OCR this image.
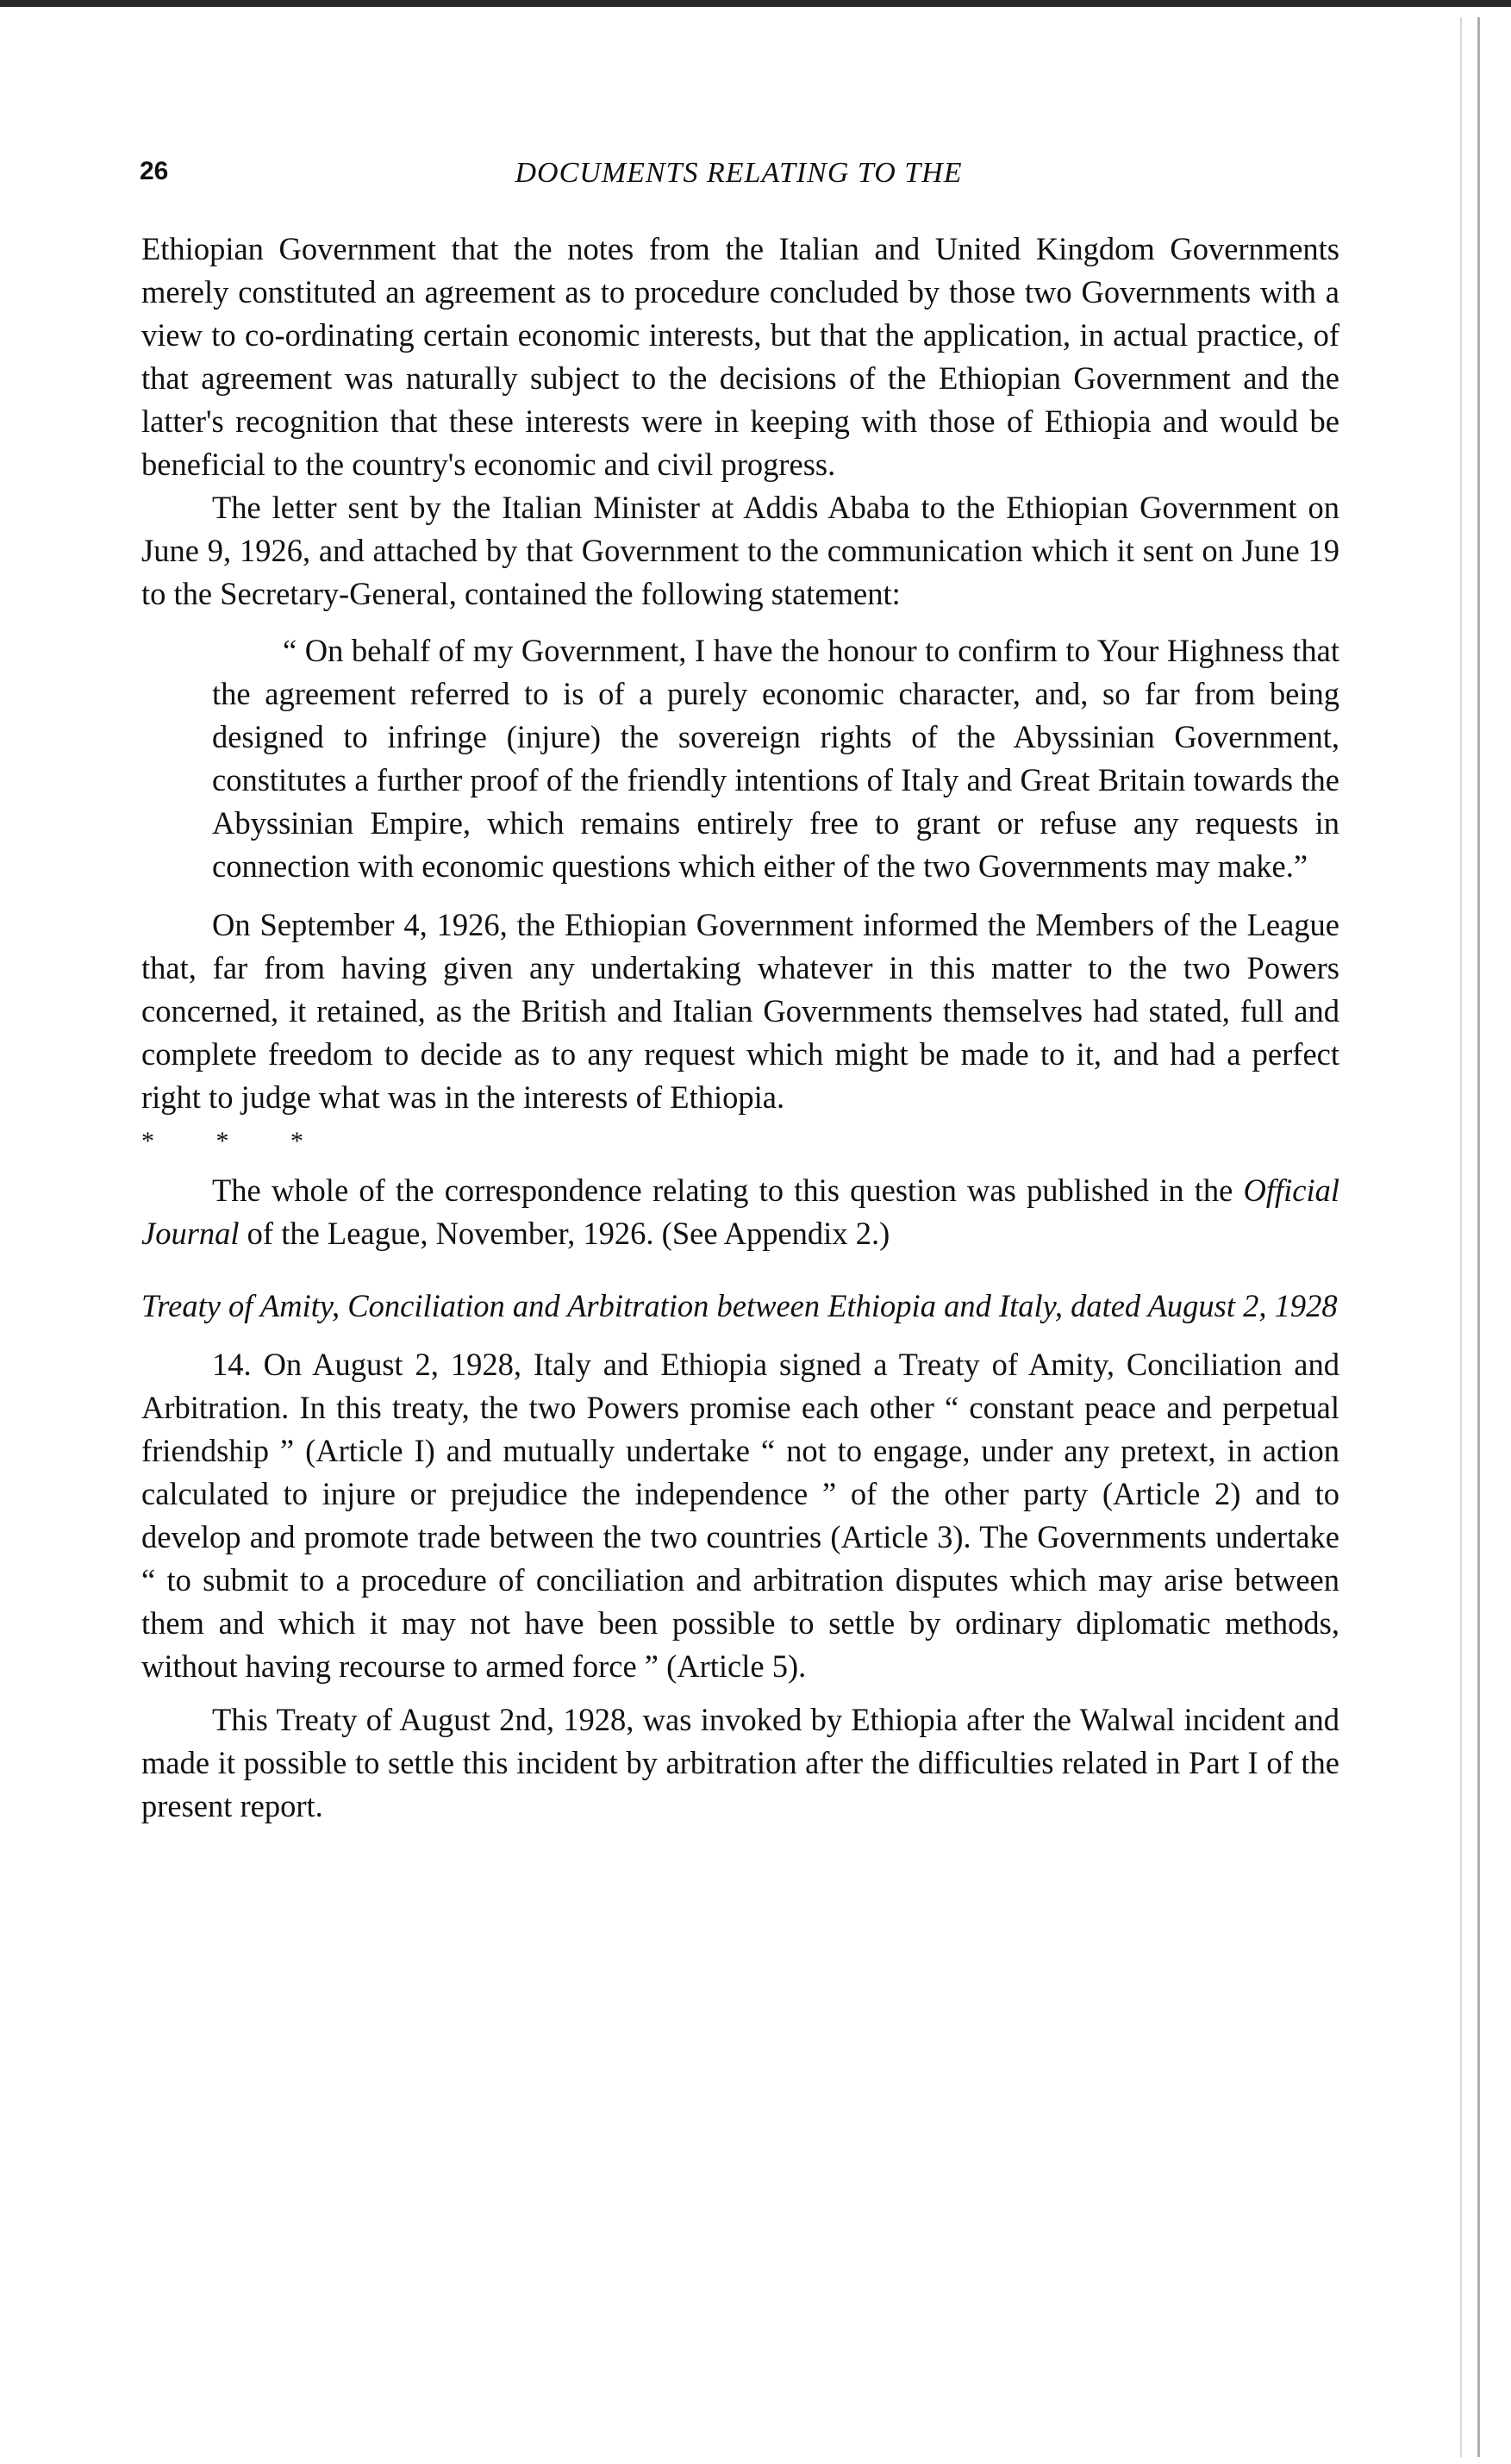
26	DOCUMENTS RELATING TO THE

Ethiopian Government that the notes from the Italian and United Kingdom Governments merely constituted an agreement as to procedure concluded by those two Governments with a view to co-ordinating certain economic interests, but that the application, in actual practice, of that agreement was naturally subject to the decisions of the Ethiopian Government and the latter's recognition that these interests were in keeping with those of Ethiopia and would be beneficial to the country's economic and civil progress.

The letter sent by the Italian Minister at Addis Ababa to the Ethiopian Government on June 9, 1926, and attached by that Government to the communication which it sent on June 19 to the Secretary-General, contained the following statement:

“ On behalf of my Government, I have the honour to confirm to Your Highness that the agreement referred to is of a purely economic character, and, so far from being designed to infringe (injure) the sovereign rights of the Abyssinian Government, constitutes a further proof of the friendly intentions of Italy and Great Britain towards the Abyssinian Empire, which remains entirely free to grant or refuse any requests in connection with economic questions which either of the two Governments may make.”

On September 4, 1926, the Ethiopian Government informed the Members of the League that, far from having given any undertaking whatever in this matter to the two Powers concerned, it retained, as the British and Italian Governments themselves had stated, full and complete freedom to decide as to any request which might be made to it, and had a perfect right to judge what was in the interests of Ethiopia.

* * *

The whole of the correspondence relating to this question was published in the Official Journal of the League, November, 1926. (See Appendix 2.)

Treaty of Amity, Conciliation and Arbitration between Ethiopia and Italy, dated August 2, 1928

14. On August 2, 1928, Italy and Ethiopia signed a Treaty of Amity, Conciliation and Arbitration. In this treaty, the two Powers promise each other “ constant peace and perpetual friendship ” (Article I) and mutually undertake “ not to engage, under any pretext, in action calculated to injure or prejudice the independence ” of the other party (Article 2) and to develop and promote trade between the two countries (Article 3). The Governments undertake “ to submit to a procedure of conciliation and arbitration disputes which may arise between them and which it may not have been possible to settle by ordinary diplomatic methods, without having recourse to armed force ” (Article 5).

This Treaty of August 2nd, 1928, was invoked by Ethiopia after the Walwal incident and made it possible to settle this incident by arbitration after the difficulties related in Part I of the present report.
